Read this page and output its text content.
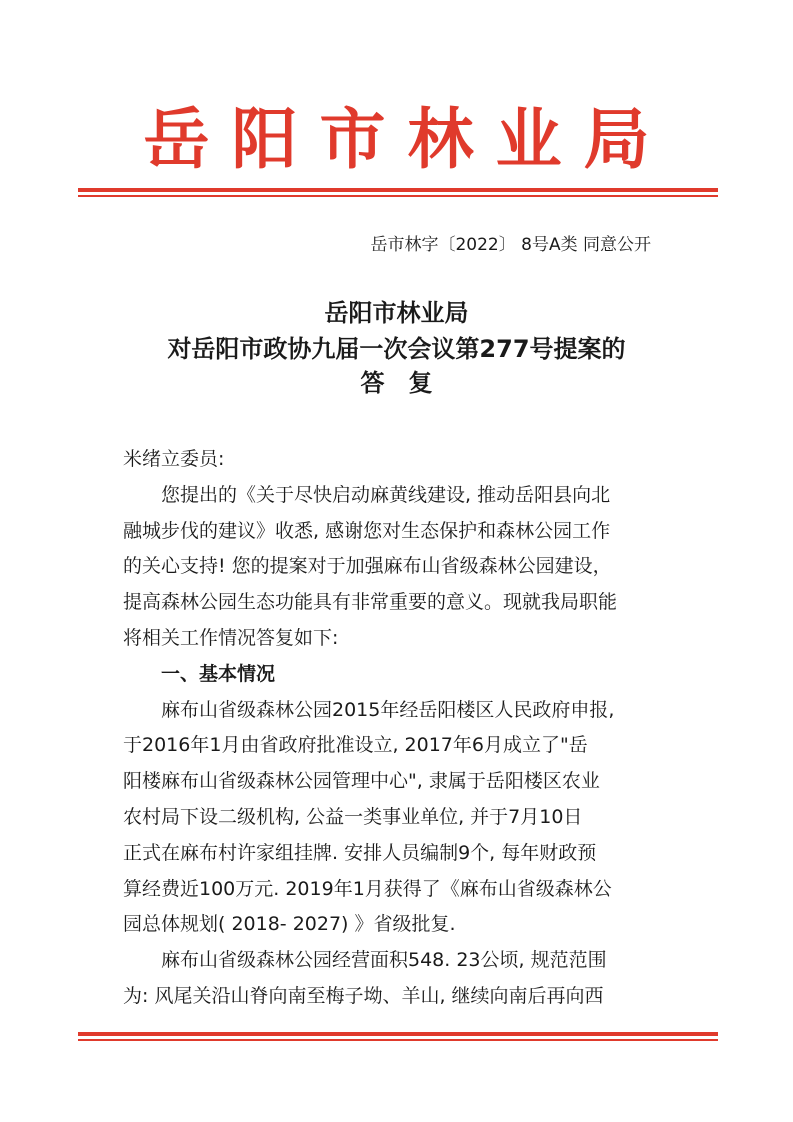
岳阳市林业局
岳市林字〔2022〕 8号A类 同意公开
岳阳市林业局
对岳阳市政协九届一次会议第277号提案的
答复

米绪立委员:

您提出的《关于尽快启动麻黄线建设, 推动岳阳县向北
融城步伐的建议》收悉, 感谢您对生态保护和森林公园工作
的关心支持! 您的提案对于加强麻布山省级森林公园建设，
提高森林公园生态功能具有非常重要的意义。现就我局职能
将相关工作情况答复如下:

一、基本情况

麻布山省级森林公园2015年经岳阳楼区人民政府申报,
于2016年1月由省政府批准设立, 2017年6月成立了"岳
阳楼麻布山省级森林公园管理中心", 隶属于岳阳楼区农业
农村局下设二级机构, 公益一类事业单位, 并于7月10日
正式在麻布村许家组挂牌. 安排人员编制9个, 每年财政预
算经费近100万元. 2019年1月获得了《麻布山省级森林公
园总体规划( 2018- 2027) 》省级批复.

麻布山省级森林公园经营面积548. 23公顷, 规范范围
为: 风尾关沿山脊向南至梅子坳、羊山, 继续向南后再向西
